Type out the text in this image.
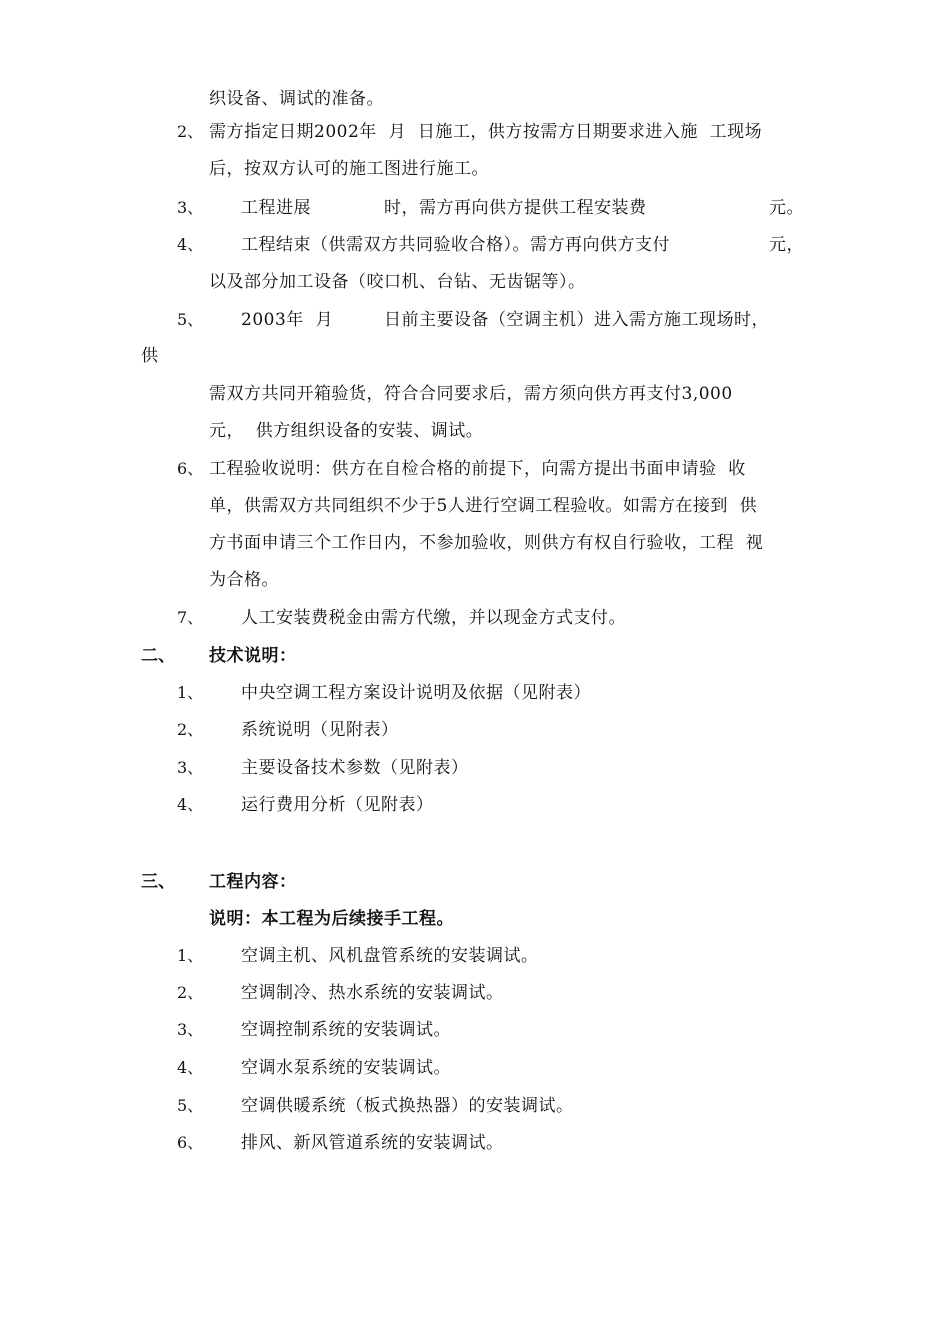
织设备、调试的准备。
2、 需方指定日期2002年  月  日施工，供方按需方日期要求进入施  工现场
后，按双方认可的施工图进行施工。
3、 工程进展	时，需方再向供方提供工程安装费	元。
4、 工程结束（供需双方共同验收合格）。需方再向供方支付	元，
以及部分加工设备（咬口机、台钻、无齿锯等）。
5、 2003年  月	日前主要设备（空调主机）进入需方施工现场时，
供
需双方共同开箱验货，符合合同要求后，需方须向供方再支付3,000
元，  供方组织设备的安装、调试。
6、 工程验收说明：供方在自检合格的前提下，向需方提出书面申请验  收
单，供需双方共同组织不少于5人进行空调工程验收。如需方在接到  供
方书面申请三个工作日内，不参加验收，则供方有权自行验收，工程  视
为合格。
7、 人工安装费税金由需方代缴，并以现金方式支付。
二、 技术说明：
1、 中央空调工程方案设计说明及依据（见附表）
2、 系统说明（见附表）
3、 主要设备技术参数（见附表）
4、 运行费用分析（见附表）
三、 工程内容：
说明：本工程为后续接手工程。
1、 空调主机、风机盘管系统的安装调试。
2、 空调制冷、热水系统的安装调试。
3、 空调控制系统的安装调试。
4、 空调水泵系统的安装调试。
5、 空调供暖系统（板式换热器）的安装调试。
6、 排风、新风管道系统的安装调试。
